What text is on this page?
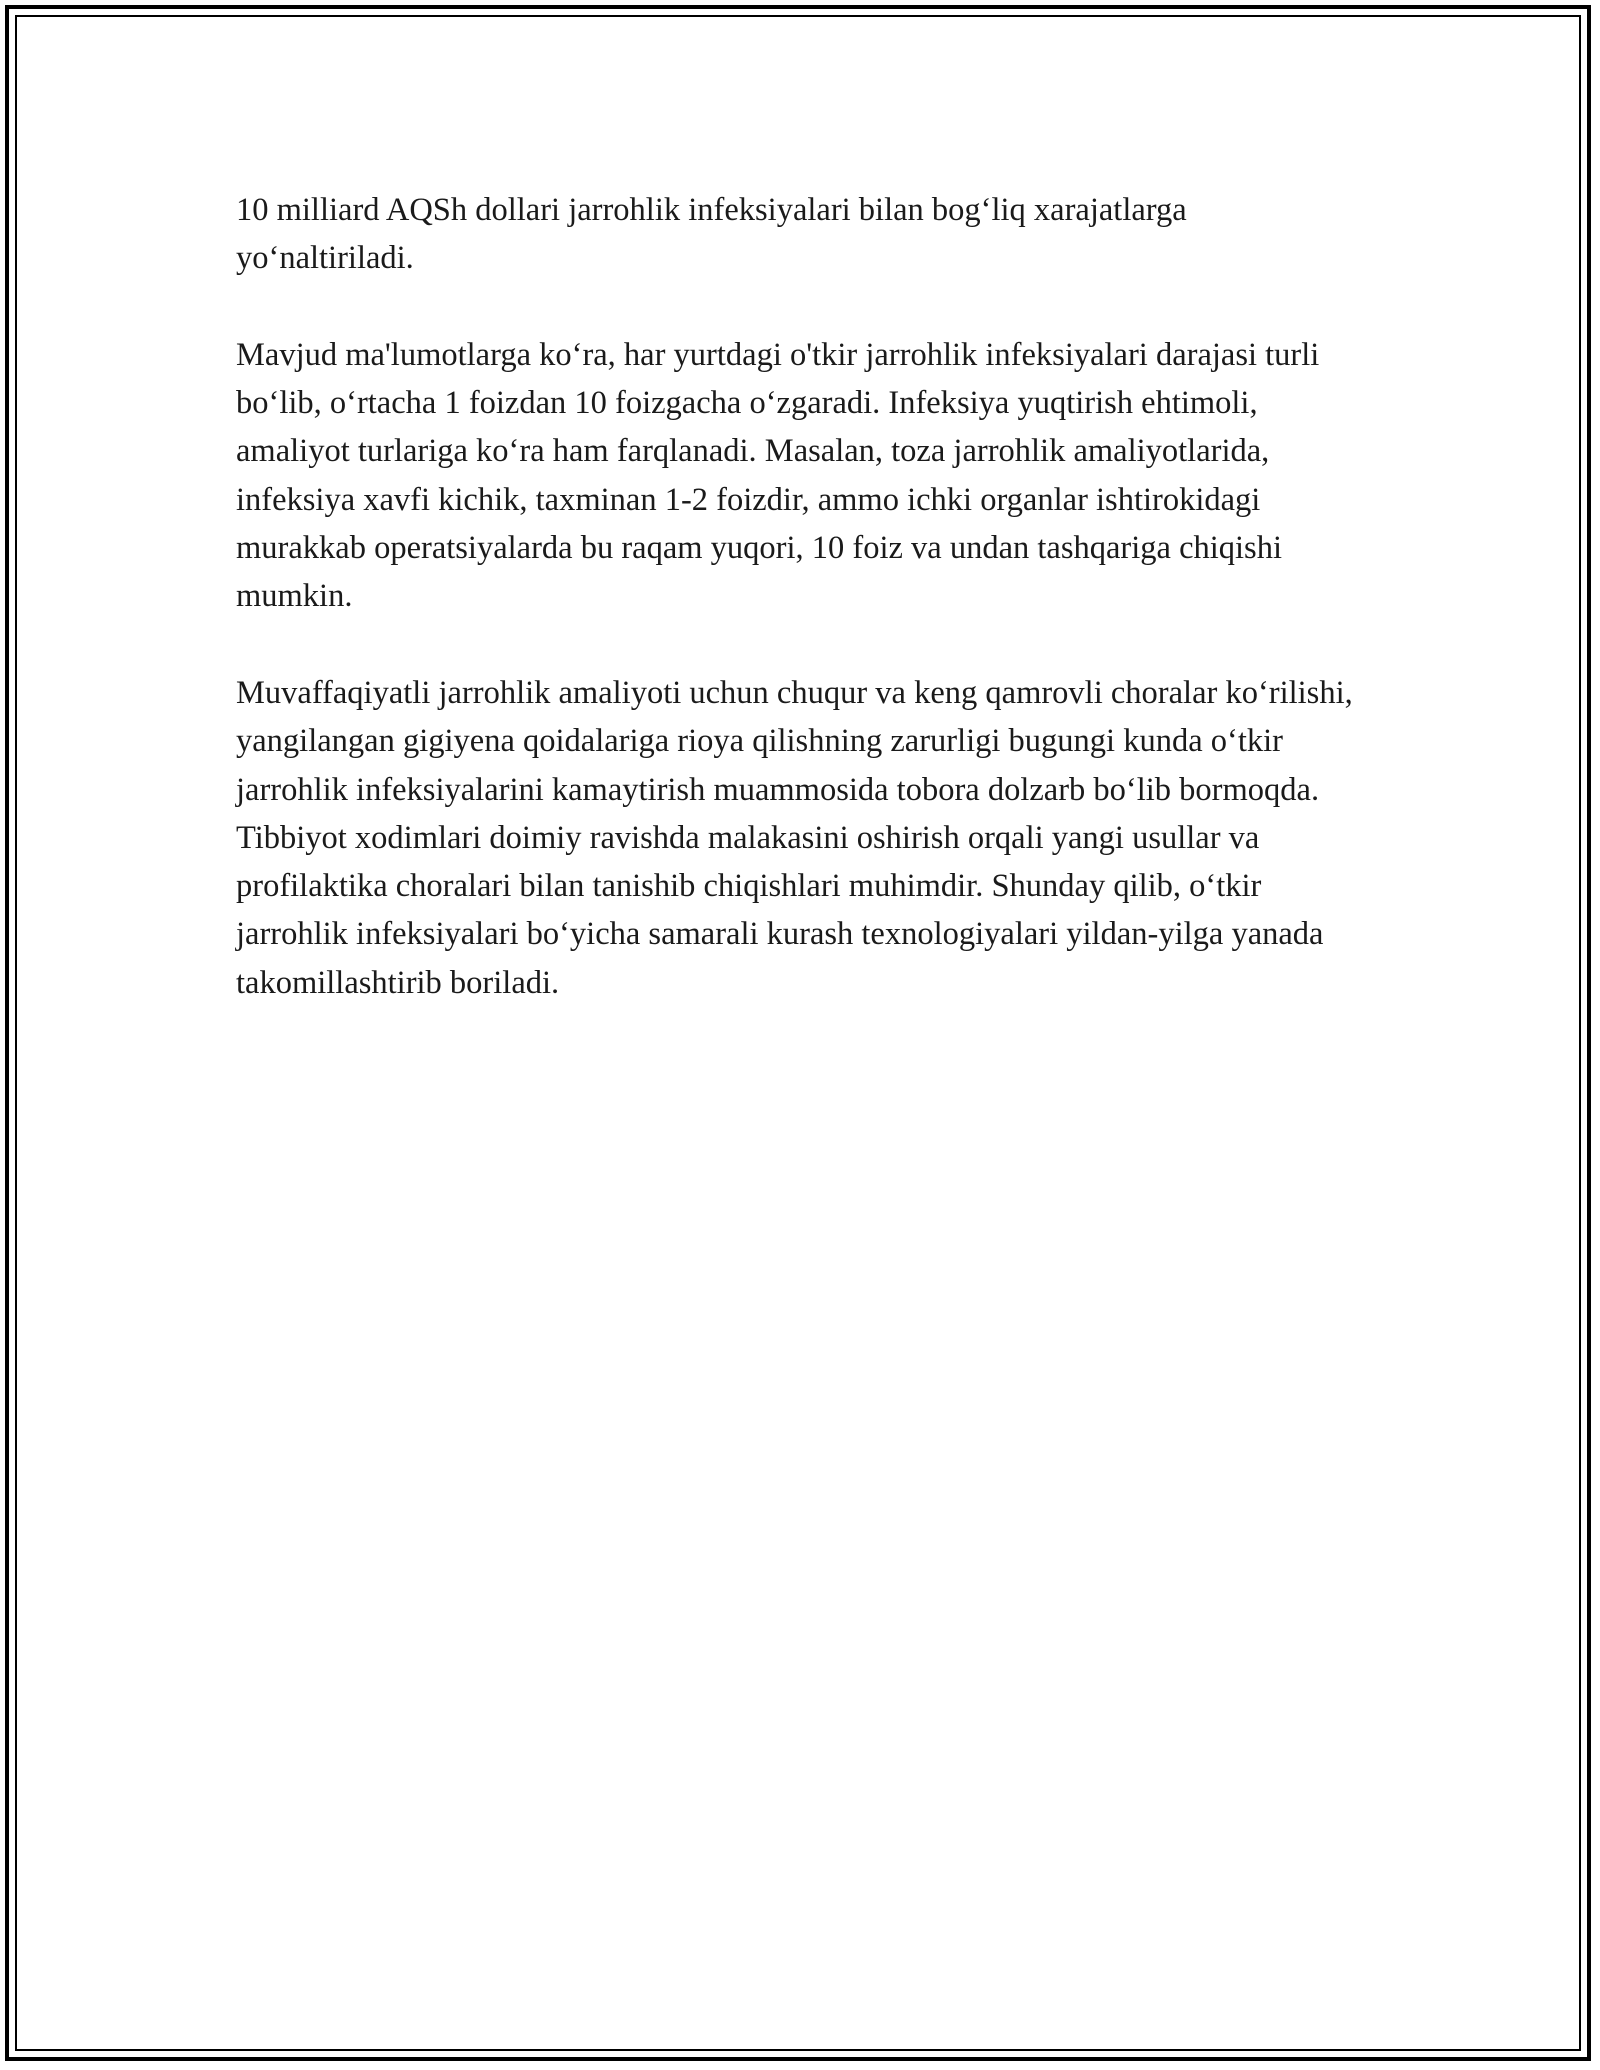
10 milliard AQSh dollari jarrohlik infeksiyalari bilan bog‘liq xarajatlarga yo‘naltiriladi.

Mavjud ma'lumotlarga ko‘ra, har yurtdagi o'tkir jarrohlik infeksiyalari darajasi turli bo‘lib, o‘rtacha 1 foizdan 10 foizgacha o‘zgaradi. Infeksiya yuqtirish ehtimoli, amaliyot turlariga ko‘ra ham farqlanadi. Masalan, toza jarrohlik amaliyotlarida, infeksiya xavfi kichik, taxminan 1-2 foizdir, ammo ichki organlar ishtirokidagi murakkab operatsiyalarda bu raqam yuqori, 10 foiz va undan tashqariga chiqishi mumkin.

Muvaffaqiyatli jarrohlik amaliyoti uchun chuqur va keng qamrovli choralar ko‘rilishi, yangilangan gigiyena qoidalariga rioya qilishning zarurligi bugungi kunda o‘tkir jarrohlik infeksiyalarini kamaytirish muammosida tobora dolzarb bo‘lib bormoqda. Tibbiyot xodimlari doimiy ravishda malakasini oshirish orqali yangi usullar va profilaktika choralari bilan tanishib chiqishlari muhimdir. Shunday qilib, o‘tkir jarrohlik infeksiyalari bo‘yicha samarali kurash texnologiyalari yildan-yilga yanada takomillashtirib boriladi.
